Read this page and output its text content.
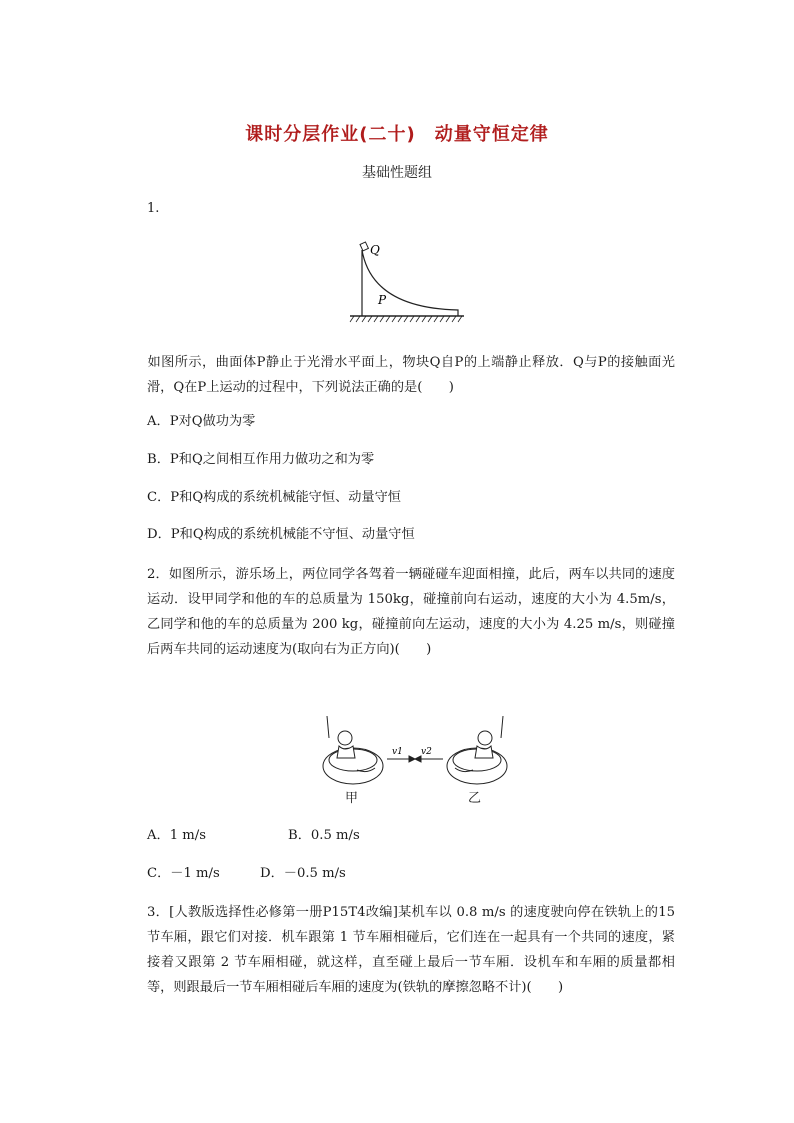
课时分层作业(二十)　动量守恒定律
基础性题组
1.
Q
P
如图所示，曲面体P静止于光滑水平面上，物块Q自P的上端静止释放．Q与P的接触面光滑，Q在P上运动的过程中，下列说法正确的是(　　)
A．P对Q做功为零
B．P和Q之间相互作用力做功之和为零
C．P和Q构成的系统机械能守恒、动量守恒
D．P和Q构成的系统机械能不守恒、动量守恒
2．如图所示，游乐场上，两位同学各驾着一辆碰碰车迎面相撞，此后，两车以共同的速度运动．设甲同学和他的车的总质量为 150kg，碰撞前向右运动，速度的大小为 4.5m/s，乙同学和他的车的总质量为 200 kg，碰撞前向左运动，速度的大小为 4.25 m/s，则碰撞后两车共同的运动速度为(取向右为正方向)(　　)
v1 v2
甲	乙
A．1 m/s	B．0.5 m/s
C．－1 m/s	D．－0.5 m/s
3．[人教版选择性必修第一册P15T4改编]某机车以 0.8 m/s 的速度驶向停在铁轨上的15节车厢，跟它们对接．机车跟第 1 节车厢相碰后，它们连在一起具有一个共同的速度，紧接着又跟第 2 节车厢相碰，就这样，直至碰上最后一节车厢．设机车和车厢的质量都相等，则跟最后一节车厢相碰后车厢的速度为(铁轨的摩擦忽略不计)(　　)
